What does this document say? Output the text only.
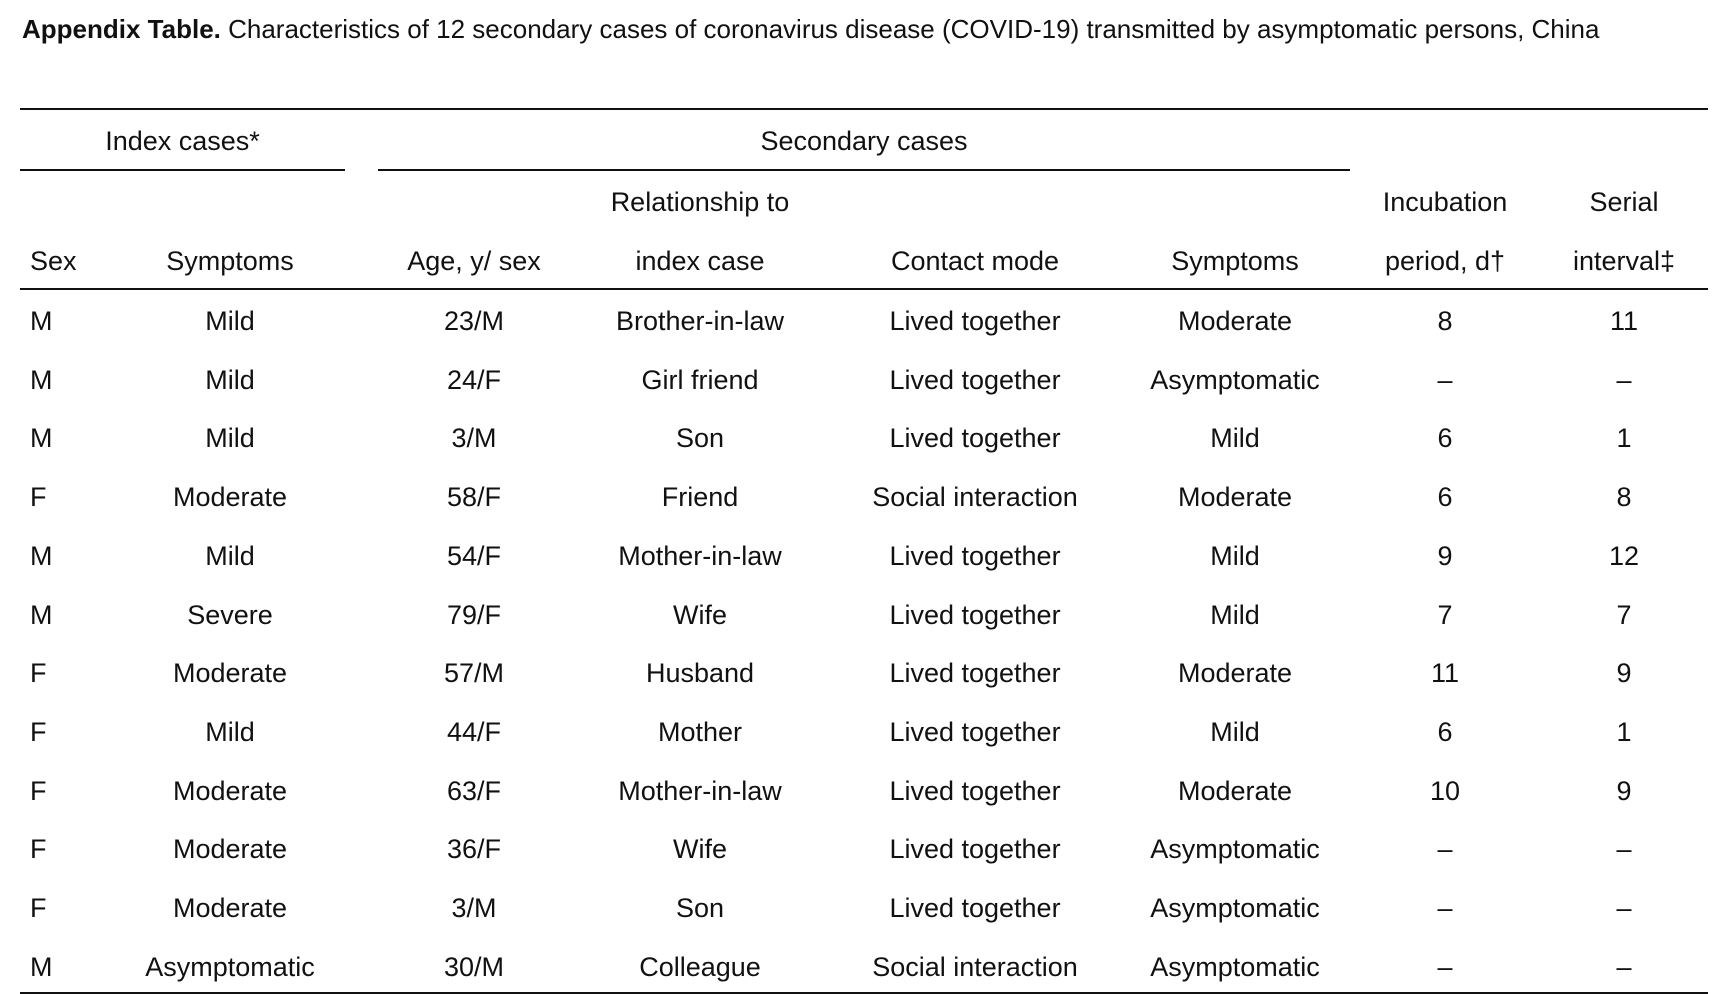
Appendix Table. Characteristics of 12 secondary cases of coronavirus disease (COVID-19) transmitted by asymptomatic persons, China
Index cases*	Secondary cases
Relationship to	Incubation	Serial
Sex	Symptoms	Age, y/ sex	index case	Contact mode	Symptoms	period, d†	interval‡
M	Mild	23/M	Brother-in-law	Lived together	Moderate	8	11
M	Mild	24/F	Girl friend	Lived together	Asymptomatic	–	–
M	Mild	3/M	Son	Lived together	Mild	6	1
F	Moderate	58/F	Friend	Social interaction	Moderate	6	8
M	Mild	54/F	Mother-in-law	Lived together	Mild	9	12
M	Severe	79/F	Wife	Lived together	Mild	7	7
F	Moderate	57/M	Husband	Lived together	Moderate	11	9
F	Mild	44/F	Mother	Lived together	Mild	6	1
F	Moderate	63/F	Mother-in-law	Lived together	Moderate	10	9
F	Moderate	36/F	Wife	Lived together	Asymptomatic	–	–
F	Moderate	3/M	Son	Lived together	Asymptomatic	–	–
M	Asymptomatic	30/M	Colleague	Social interaction	Asymptomatic	–	–
